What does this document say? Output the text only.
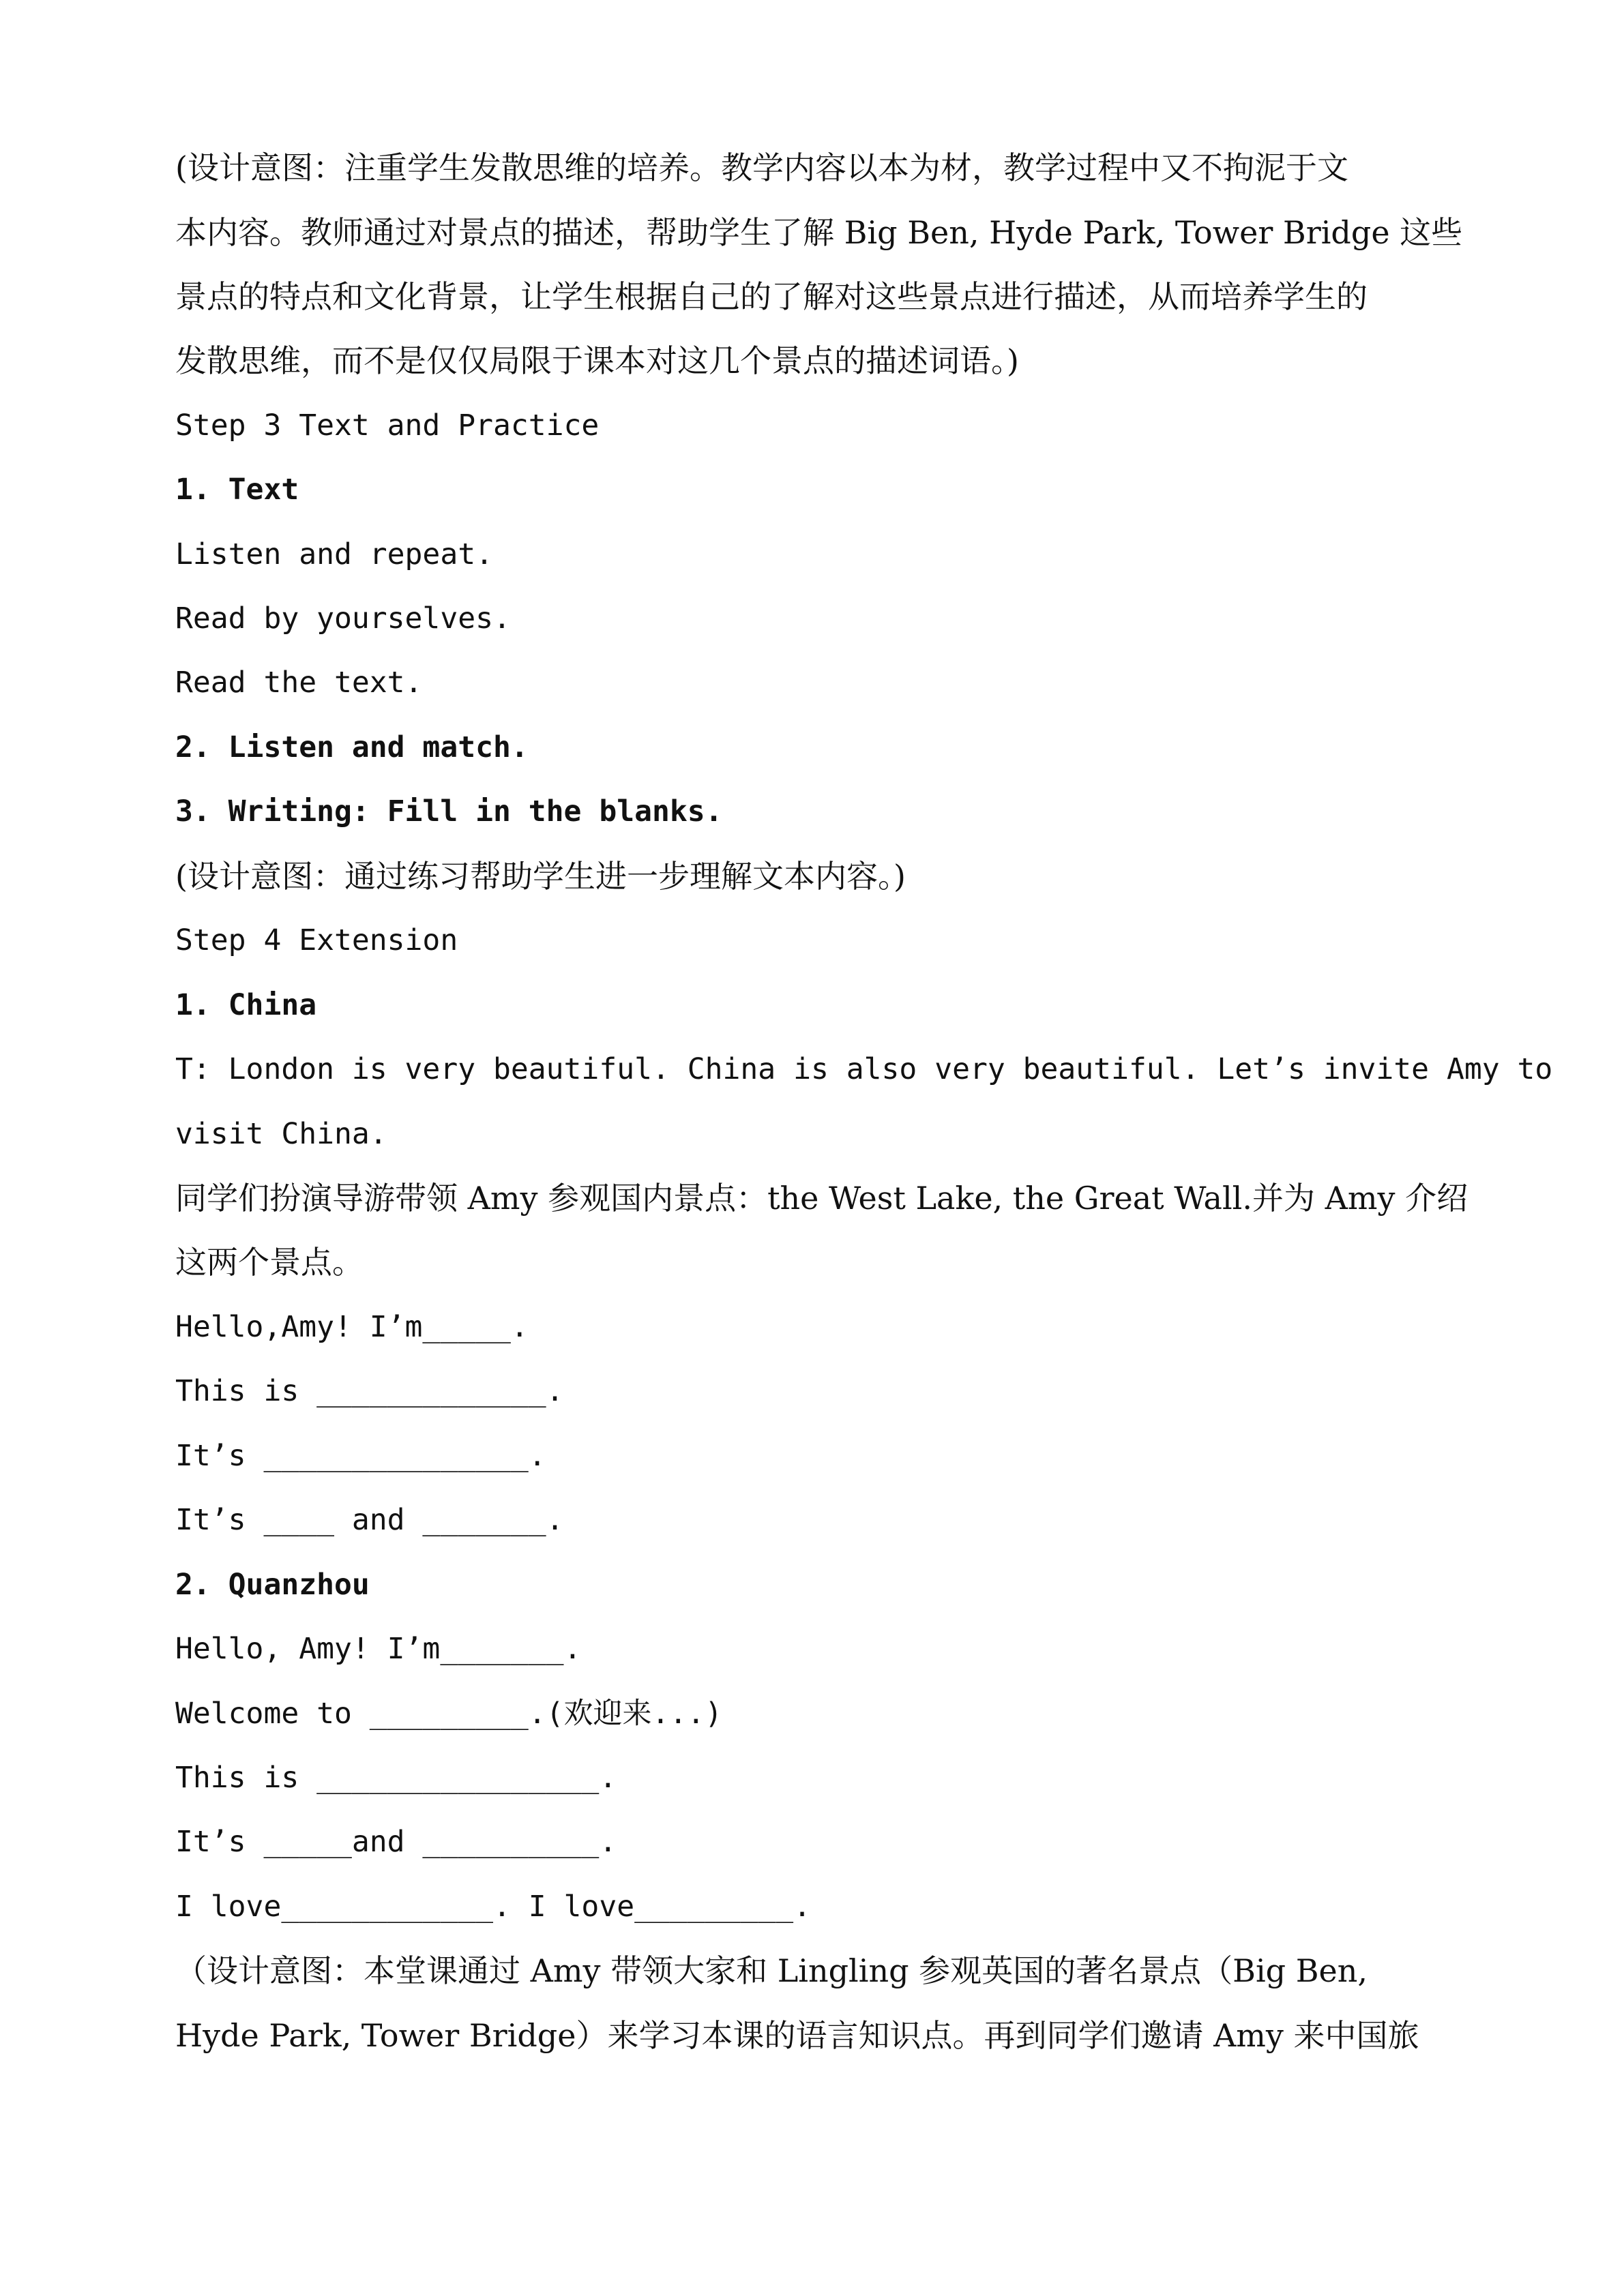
(设计意图：注重学生发散思维的培养。教学内容以本为材，教学过程中又不拘泥于文
本内容。教师通过对景点的描述，帮助学生了解 Big Ben, Hyde Park, Tower Bridge 这些
景点的特点和文化背景，让学生根据自己的了解对这些景点进行描述，从而培养学生的
发散思维，而不是仅仅局限于课本对这几个景点的描述词语。)
Step 3 Text and Practice
1. Text
Listen and repeat.
Read by yourselves.
Read the text.
2. Listen and match.
3. Writing: Fill in the blanks.
(设计意图：通过练习帮助学生进一步理解文本内容。)
Step 4 Extension
1. China
T: London is very beautiful. China is also very beautiful. Let’s invite Amy to
visit China.
同学们扮演导游带领 Amy 参观国内景点：the West Lake, the Great Wall.并为 Amy 介绍
这两个景点。
Hello,Amy! I’m_____.
This is _____________.
It’s _______________.
It’s ____ and _______.
2. Quanzhou
Hello, Amy! I’m_______.
Welcome to _________.(欢迎来...)
This is ________________.
It’s _____and __________.
I love____________. I love_________.
（设计意图：本堂课通过 Amy 带领大家和 Lingling 参观英国的著名景点（Big Ben,
Hyde Park, Tower Bridge）来学习本课的语言知识点。再到同学们邀请 Amy 来中国旅
